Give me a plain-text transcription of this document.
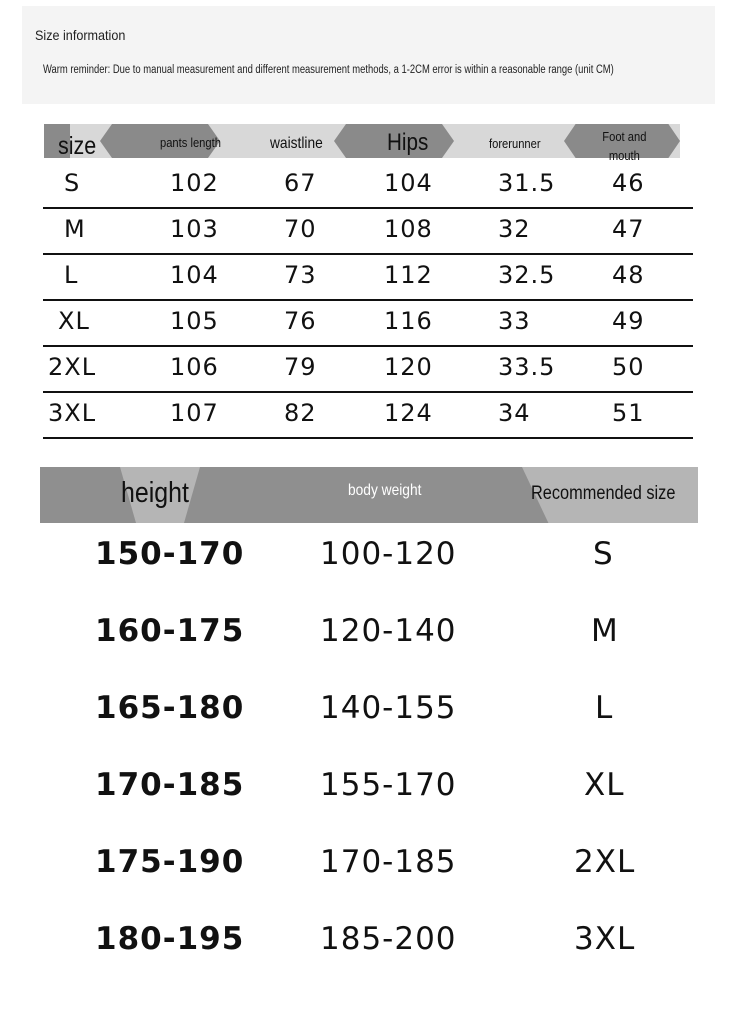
Size information
Warm reminder: Due to manual measurement and different measurement methods, a 1-2CM error is within a reasonable range (unit CM)
size	pants length	waistline	Hips	forerunner	Foot and mouth
S	102	67	104	31.5 46
M	103	70	108	32	47
L	104	73	112	32.5 48
XL	105	76	116	33	49
2XL	106	79	120	33.5 50
3XL	107	82	124	34	51
height	body weight	Recommended size
150-170 100-120	S
160-175 120-140	M
165-180 140-155	L
170-185 155-170	XL
175-190 170-185	2XL
180-195 185-200	3XL
